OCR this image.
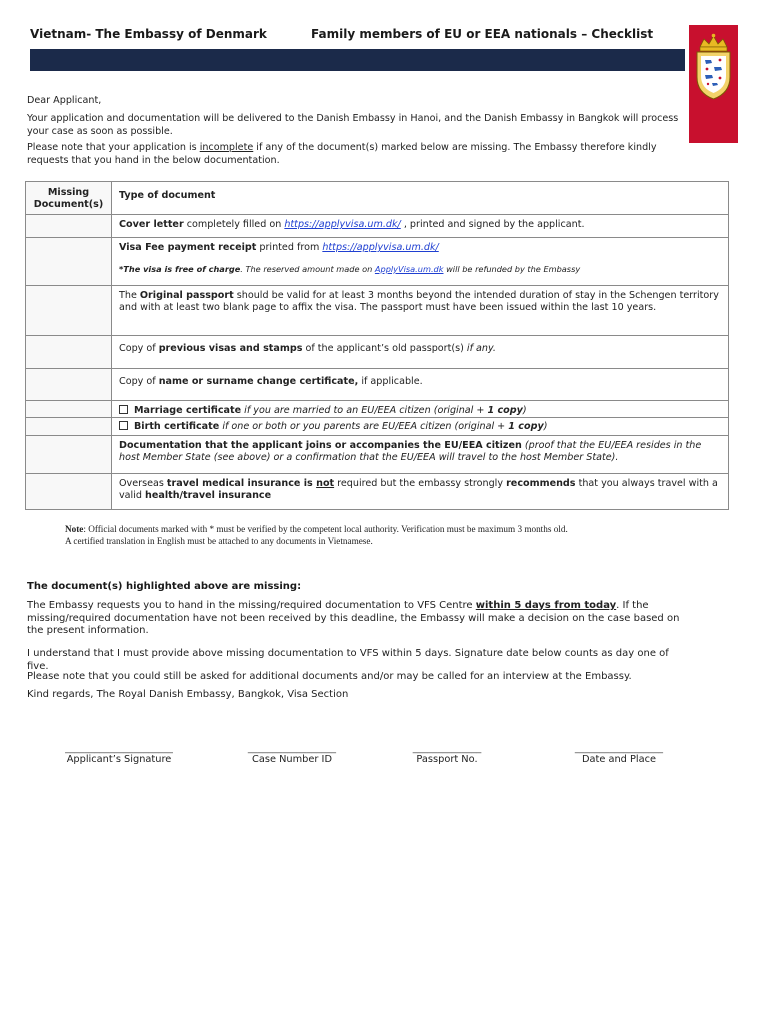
Vietnam- The Embassy of Denmark	Family members of EU or EEA nationals – Checklist
Dear Applicant,
Your application and documentation will be delivered to the Danish Embassy in Hanoi, and the Danish Embassy in Bangkok will process your case as soon as possible.
Please note that your application is incomplete if any of the document(s) marked below are missing. The Embassy therefore kindly requests that you hand in the below documentation.
Missing
Document(s)	Type of document
	Cover letter completely filled on https://applyvisa.um.dk/ , printed and signed by the applicant.

	Visa Fee payment receipt printed from https://applyvisa.um.dk/
*The visa is free of charge. The reserved amount made on ApplyVisa.um.dk will be refunded by the Embassy

	The Original passport should be valid for at least 3 months beyond the intended duration of stay in the Schengen territory and with at least two blank page to affix the visa. The passport must have been issued within the last 10 years.
	Copy of previous visas and stamps of the applicant’s old passport(s) if any.
	Copy of name or surname change certificate, if applicable.
	Marriage certificate if you are married to an EU/EEA citizen (original + 1 copy)
	Birth certificate if one or both or you parents are EU/EEA citizen (original + 1 copy)
	Documentation that the applicant joins or accompanies the EU/EEA citizen (proof that the EU/EEA resides in the host Member State (see above) or a confirmation that the EU/EEA will travel to the host Member State).
	Overseas travel medical insurance is not required but the embassy strongly recommends that you always travel with a valid health/travel insurance
Note: Official documents marked with * must be verified by the competent local authority. Verification must be maximum 3 months old.
A certified translation in English must be attached to any documents in Vietnamese.
The document(s) highlighted above are missing:
The Embassy requests you to hand in the missing/required documentation to VFS Centre within 5 days from today. If the missing/required documentation have not been received by this deadline, the Embassy will make a decision on the case based on the present information.
I understand that I must provide above missing documentation to VFS within 5 days. Signature date below counts as day one of five.
Please note that you could still be asked for additional documents and/or may be called for an interview at the Embassy.
Kind regards, The Royal Danish Embassy, Bangkok, Visa Section
______________________
Applicant’s Signature
__________________
Case Number ID
______________
Passport No.
__________________
Date and Place
